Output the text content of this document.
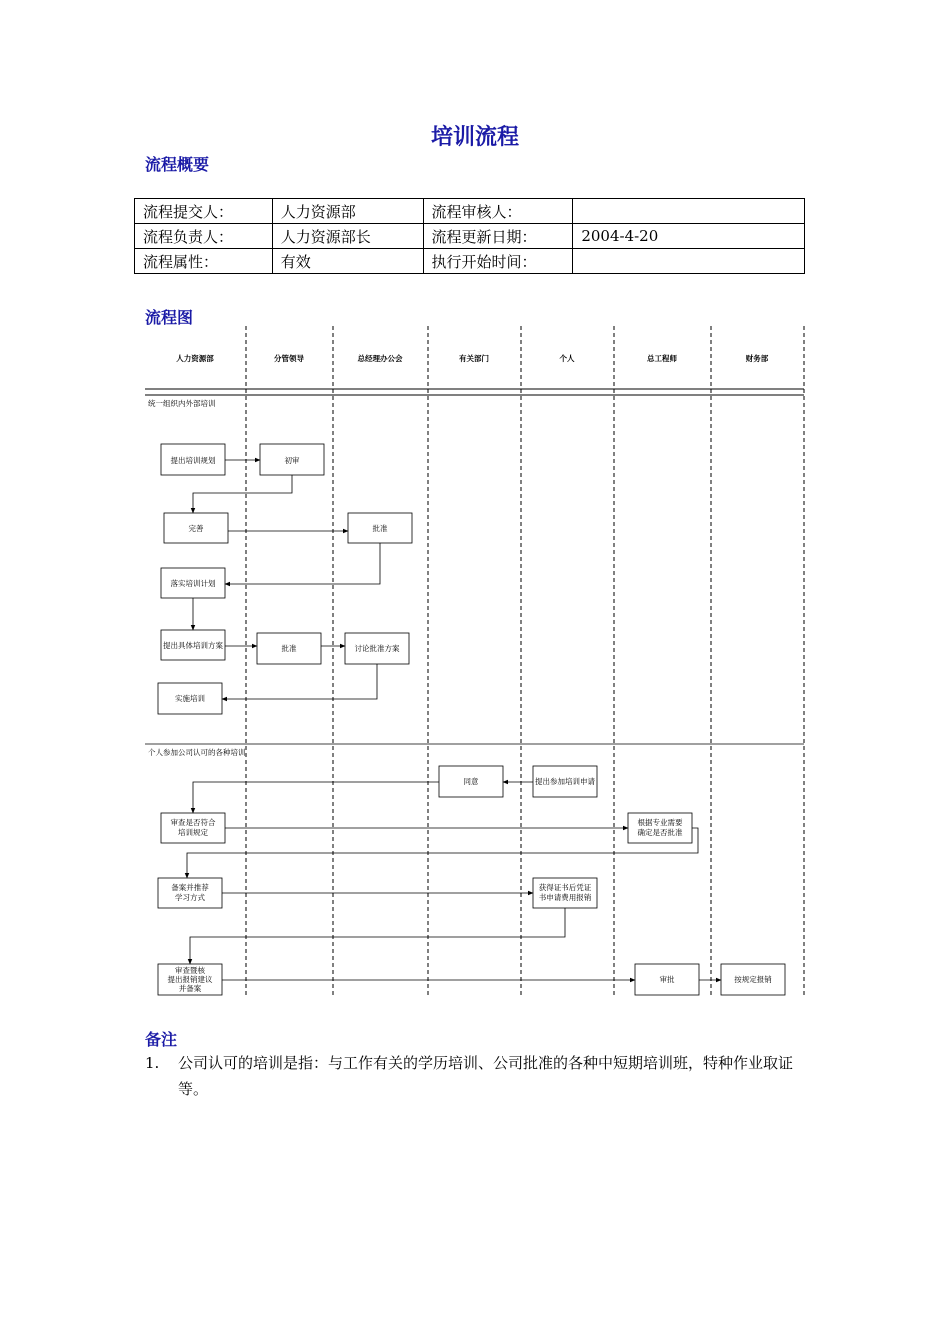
培训流程
流程概要
流程提交人：	人力资源部	流程审核人：	
流程负责人：	人力资源部长	流程更新日期：	2004-4-20
流程属性：	有效	执行开始时间：	
流程图
人力资源部	分管领导	总经理办公会	有关部门	个人	总工程师	财务部
统一组织内外部培训
个人参加公司认可的各种培训
提出培训规划	初审
完善	批准
落实培训计划
提出具体培训方案	批准	讨论批准方案
实施培训
同意	提出参加培训申请
审查是否符合
培训规定
根据专业需要
确定是否批准
备案并推荐
学习方式
获得证书后凭证
书申请费用报销
审查暨核
提出报销建议
并备案
审批	按规定报销
备注
1. 公司认可的培训是指：与工作有关的学历培训、公司批准的各种中短期培训班，特种作业取证等。
